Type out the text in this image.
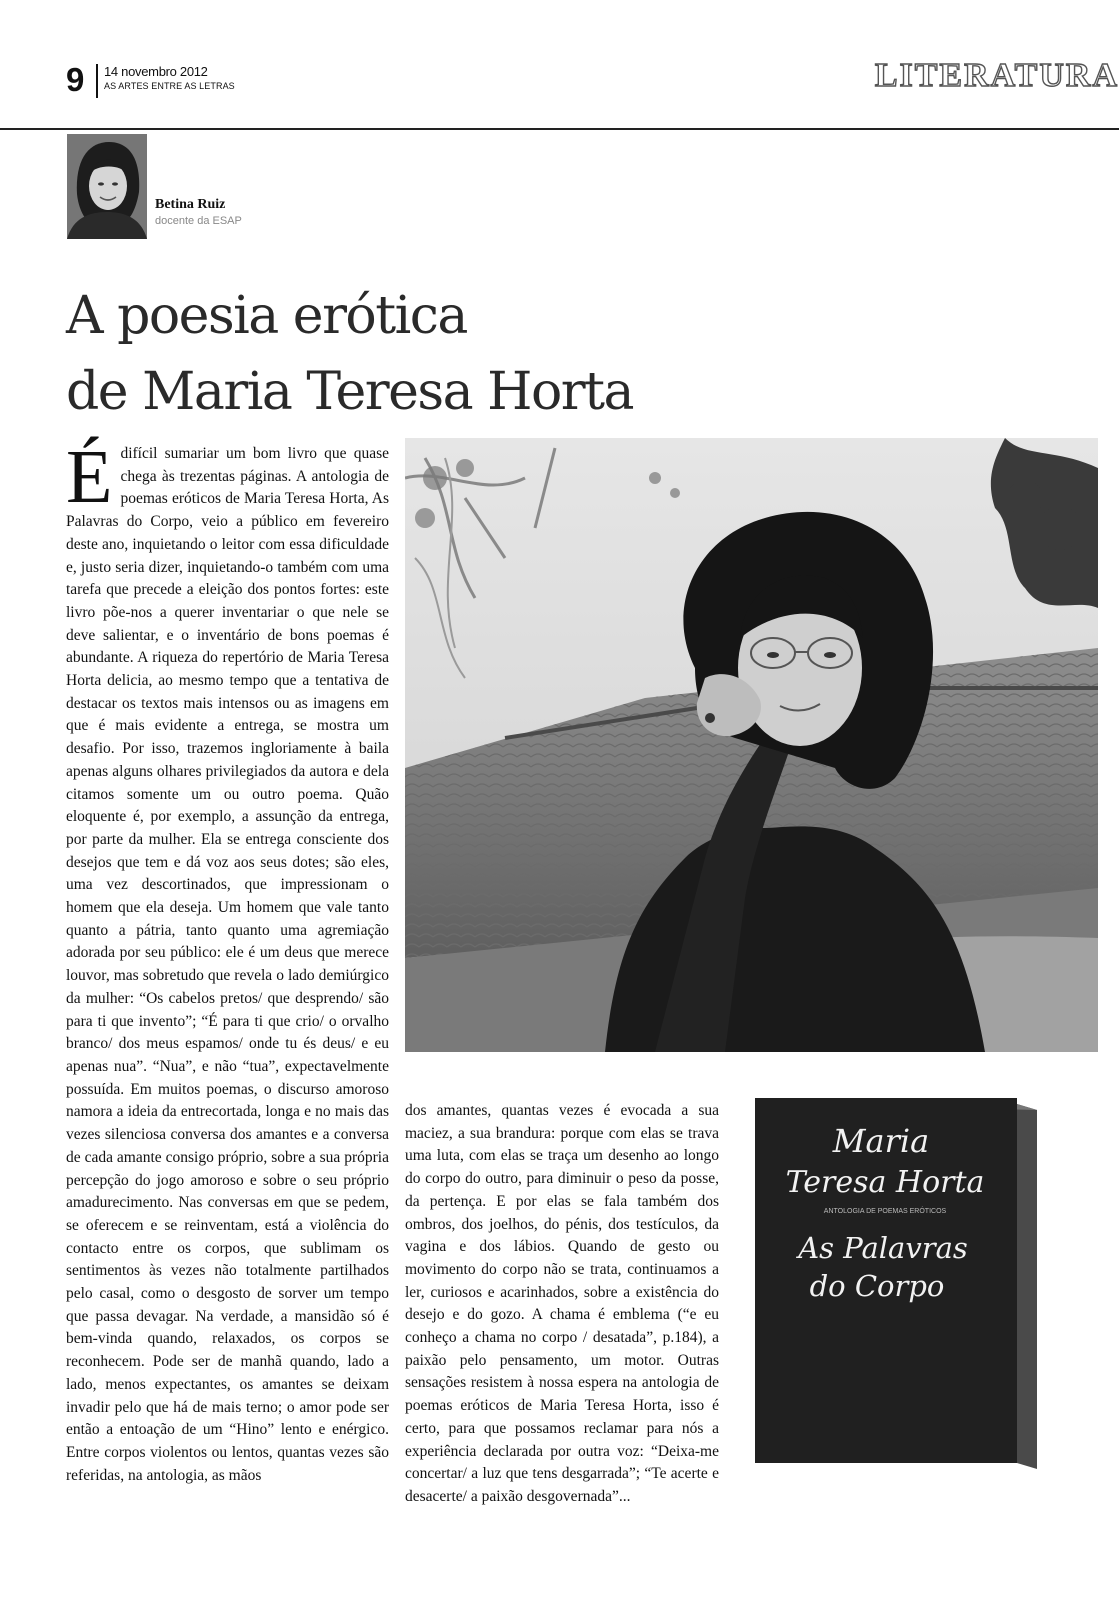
9 14 novembro 2012
AS ARTES ENTRE AS LETRAS	LITERATURA
Betina Ruiz
docente da ESAP
A poesia erótica
de Maria Teresa Horta
É difícil sumariar um bom livro que quase chega às trezentas páginas. A antologia de poemas eróticos de Maria Teresa Horta, As Palavras do Corpo, veio a público em fevereiro deste ano, inquietando o leitor com essa dificuldade e, justo seria dizer, inquietando-o também com uma tarefa que precede a eleição dos pontos fortes: este livro põe-nos a querer inventariar o que nele se deve salientar, e o inventário de bons poemas é abundante. A riqueza do repertório de Maria Teresa Horta delicia, ao mesmo tempo que a tentativa de destacar os textos mais intensos ou as imagens em que é mais evidente a entrega, se mostra um desafio. Por isso, trazemos ingloriamente à baila apenas alguns olhares privilegiados da autora e dela citamos somente um ou outro poema. Quão eloquente é, por exemplo, a assunção da entrega, por parte da mulher. Ela se entrega consciente dos desejos que tem e dá voz aos seus dotes; são eles, uma vez descortinados, que impressionam o homem que ela deseja. Um homem que vale tanto quanto a pátria, tanto quanto uma agremiação adorada por seu público: ele é um deus que merece louvor, mas sobretudo que revela o lado demiúrgico da mulher: “Os cabelos pretos/ que desprendo/ são para ti que invento”; “É para ti que crio/ o orvalho branco/ dos meus espamos/ onde tu és deus/ e eu apenas nua”. “Nua”, e não “tua”, expectavelmente possuída. Em muitos poemas, o discurso amoroso namora a ideia da entrecortada, longa e no mais das vezes silenciosa conversa dos amantes e a conversa de cada amante consigo próprio, sobre a sua própria percepção do jogo amoroso e sobre o seu próprio amadurecimento. Nas conversas em que se pedem, se oferecem e se reinventam, está a violência do contacto entre os corpos, que sublimam os sentimentos às vezes não totalmente partilhados pelo casal, como o desgosto de sorver um tempo que passa devagar. Na verdade, a mansidão só é bem-vinda quando, relaxados, os corpos se reconhecem. Pode ser de manhã quando, lado a lado, menos expectantes, os amantes se deixam invadir pelo que há de mais terno; o amor pode ser então a entoação de um “Hino” lento e enérgico. Entre corpos violentos ou lentos, quantas vezes são referidas, na antologia, as mãos
dos amantes, quantas vezes é evocada a sua maciez, a sua brandura: porque com elas se trava uma luta, com elas se traça um desenho ao longo do corpo do outro, para diminuir o peso da posse, da pertença. E por elas se fala também dos ombros, dos joelhos, do pénis, dos testículos, da vagina e dos lábios. Quando de gesto ou movimento do corpo não se trata, continuamos a ler, curiosos e acarinhados, sobre a existência do desejo e do gozo. A chama é emblema (“e eu conheço a chama no corpo / desatada”, p.184), a paixão pelo pensamento, um motor. Outras sensações resistem à nossa espera na antologia de poemas eróticos de Maria Teresa Horta, isso é certo, para que possamos reclamar para nós a experiência declarada por outra voz: “Deixa-me concertar/ a luz que tens desgarrada”; “Te acerte e desacerte/ a paixão desgovernada”...
Maria
Teresa Horta
ANTOLOGIA DE POEMAS ERÓTICOS
As Palavras
do Corpo
